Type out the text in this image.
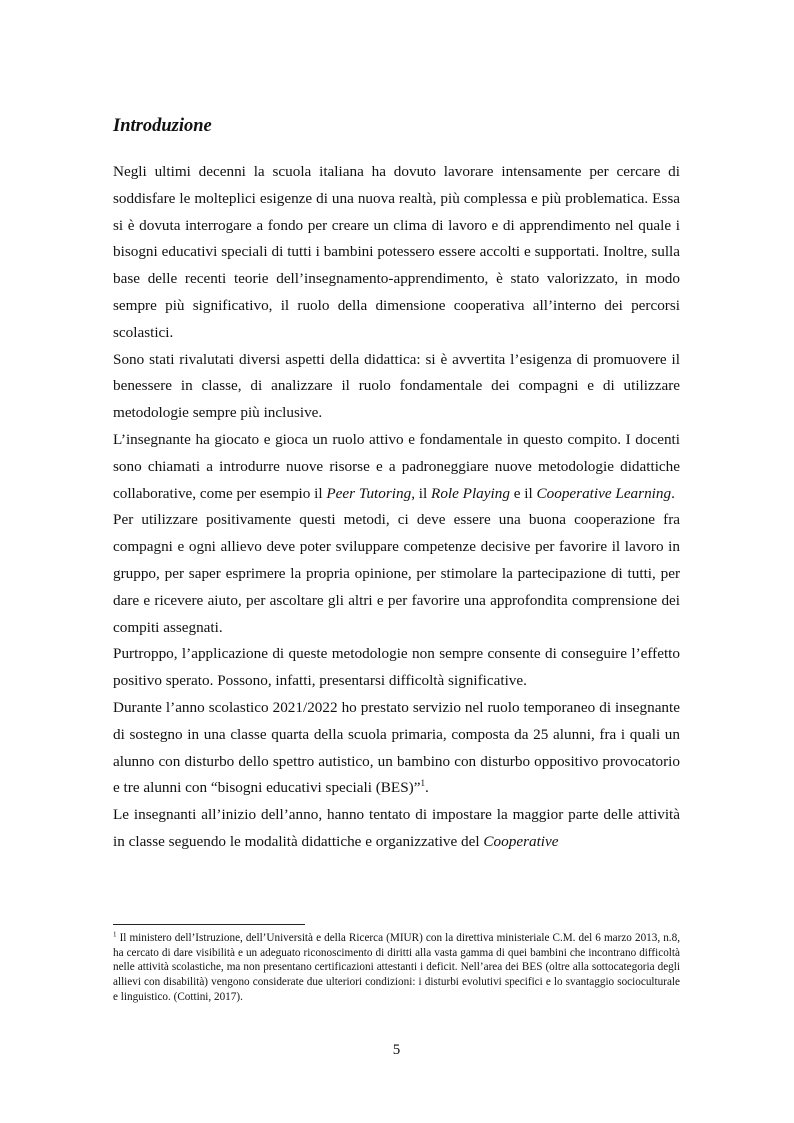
Introduzione

Negli ultimi decenni la scuola italiana ha dovuto lavorare intensamente per cercare di soddisfare le molteplici esigenze di una nuova realtà, più complessa e più problematica. Essa si è dovuta interrogare a fondo per creare un clima di lavoro e di apprendimento nel quale i bisogni educativi speciali di tutti i bambini potessero essere accolti e supportati. Inoltre, sulla base delle recenti teorie dell’insegnamento-apprendimento, è stato valorizzato, in modo sempre più significativo, il ruolo della dimensione cooperativa all’interno dei percorsi scolastici.

Sono stati rivalutati diversi aspetti della didattica: si è avvertita l’esigenza di promuovere il benessere in classe, di analizzare il ruolo fondamentale dei compagni e di utilizzare metodologie sempre più inclusive.

L’insegnante ha giocato e gioca un ruolo attivo e fondamentale in questo compito. I docenti sono chiamati a introdurre nuove risorse e a padroneggiare nuove metodologie didattiche collaborative, come per esempio il Peer Tutoring, il Role Playing e il Cooperative Learning.

Per utilizzare positivamente questi metodi, ci deve essere una buona cooperazione fra compagni e ogni allievo deve poter sviluppare competenze decisive per favorire il lavoro in gruppo, per saper esprimere la propria opinione, per stimolare la partecipazione di tutti, per dare e ricevere aiuto, per ascoltare gli altri e per favorire una approfondita comprensione dei compiti assegnati.

Purtroppo, l’applicazione di queste metodologie non sempre consente di conseguire l’effetto positivo sperato. Possono, infatti, presentarsi difficoltà significative.

Durante l’anno scolastico 2021/2022 ho prestato servizio nel ruolo temporaneo di insegnante di sostegno in una classe quarta della scuola primaria, composta da 25 alunni, fra i quali un alunno con disturbo dello spettro autistico, un bambino con disturbo oppositivo provocatorio e tre alunni con “bisogni educativi speciali (BES)”$^1$.

Le insegnanti all’inizio dell’anno, hanno tentato di impostare la maggior parte delle attività in classe seguendo le modalità didattiche e organizzative del Cooperative

$^1$ Il ministero dell’Istruzione, dell’Università e della Ricerca (MIUR) con la direttiva ministeriale C.M. del 6 marzo 2013, n.8, ha cercato di dare visibilità e un adeguato riconoscimento di diritti alla vasta gamma di quei bambini che incontrano difficoltà nelle attività scolastiche, ma non presentano certificazioni attestanti i deficit. Nell’area dei BES (oltre alla sottocategoria degli allievi con disabilità) vengono considerate due ulteriori condizioni: i disturbi evolutivi specifici e lo svantaggio socioculturale e linguistico. (Cottini, 2017).

5
